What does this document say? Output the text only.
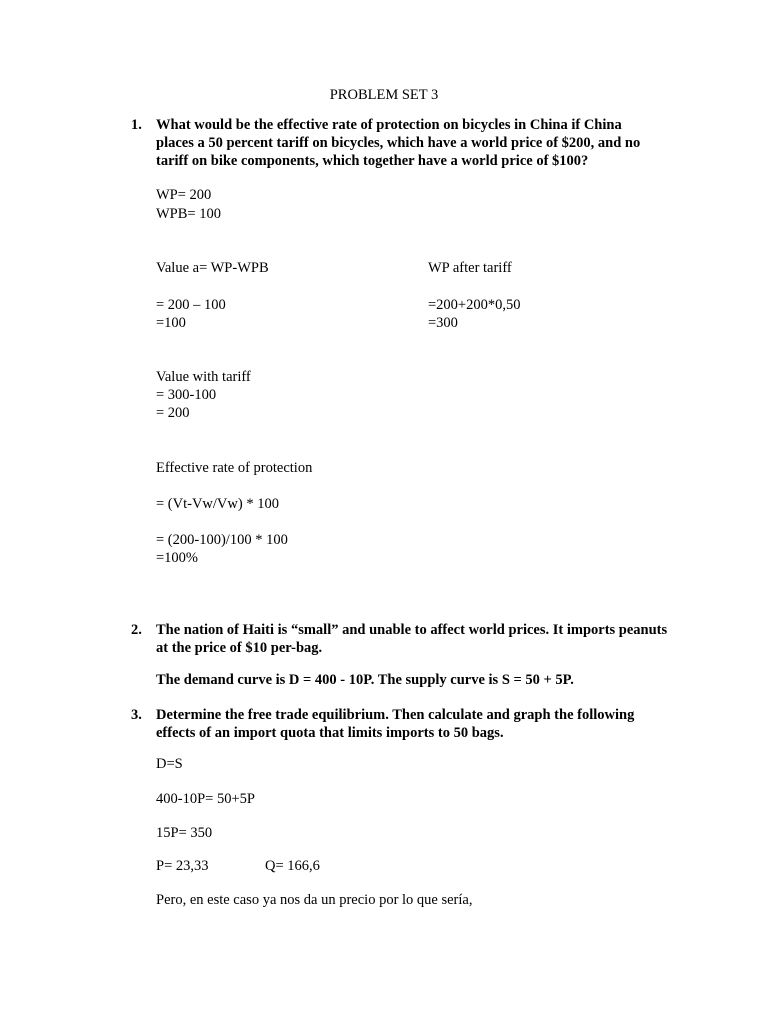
PROBLEM SET 3
1. What would be the effective rate of protection on bicycles in China if China places a 50 percent tariff on bicycles, which have a world price of $200, and no tariff on bike components, which together have a world price of $100?
WP= 200
WPB= 100
Value a= WP-WPB	WP after tariff
= 200 – 100	=200+200*0,50
=100	=300
Value with tariff
= 300-100
= 200
Effective rate of protection
= (Vt-Vw/Vw) * 100
= (200-100)/100 * 100
=100%
2. The nation of Haiti is “small” and unable to affect world prices. It imports peanuts at the price of $10 per-bag.
The demand curve is D = 400 - 10P. The supply curve is S = 50 + 5P.
3. Determine the free trade equilibrium. Then calculate and graph the following effects of an import quota that limits imports to 50 bags.
D=S
400-10P= 50+5P
15P= 350
P= 23,33	Q= 166,6
Pero, en este caso ya nos da un precio por lo que sería,
